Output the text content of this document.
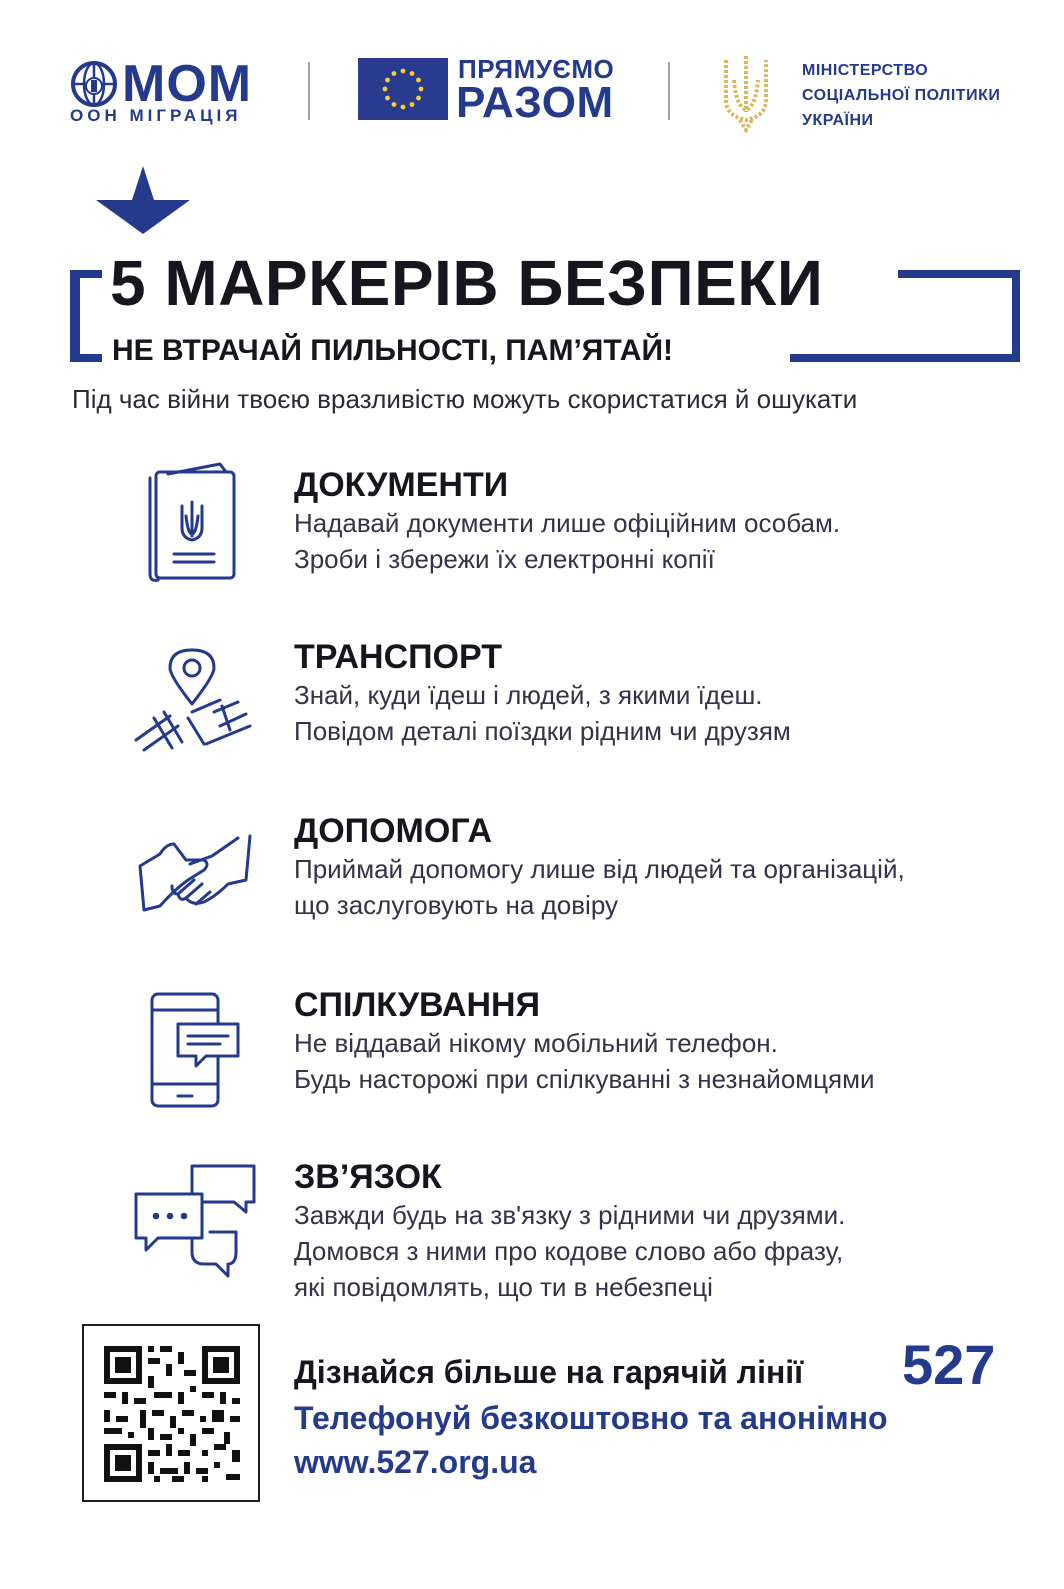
МОМ
ООН МІГРАЦІЯ
ПРЯМУЄМО
РАЗОМ
МІНІСТЕРСТВО
СОЦІАЛЬНОЇ ПОЛІТИКИ
УКРАЇНИ
5 МАРКЕРІВ БЕЗПЕКИ
НЕ ВТРАЧАЙ ПИЛЬНОСТІ, ПАМ’ЯТАЙ!
Під час війни твоєю вразливістю можуть скористатися й ошукати
ДОКУМЕНТИ
Надавай документи лише офіційним особам.
Зроби і збережи їх електронні копії
ТРАНСПОРТ
Знай, куди їдеш і людей, з якими їдеш.
Повідом деталі поїздки рідним чи друзям
ДОПОМОГА
Приймай допомогу лише від людей та організацій,
що заслуговують на довіру
СПІЛКУВАННЯ
Не віддавай нікому мобільний телефон.
Будь насторожі при спілкуванні з незнайомцями
ЗВ’ЯЗОК
Завжди будь на зв'язку з рідними чи друзями.
Домовся з ними про кодове слово або фразу,
які повідомлять, що ти в небезпеці
Дізнайся більше на гарячій лінії 527
Телефонуй безкоштовно та анонімно
www.527.org.ua
